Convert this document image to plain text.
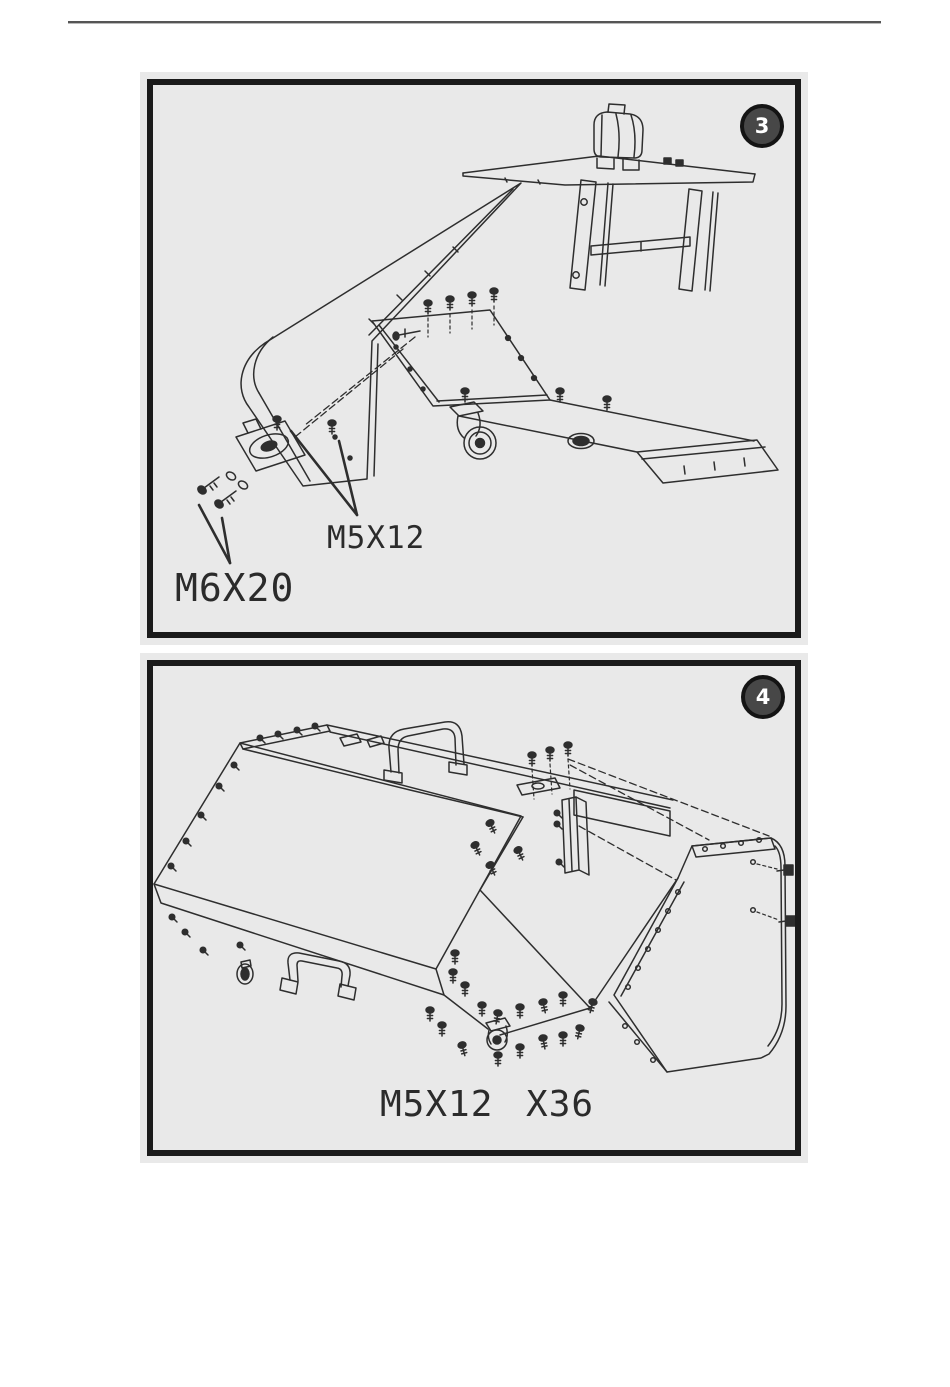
3
M5X12
M6X20
4
M5X12 X36
